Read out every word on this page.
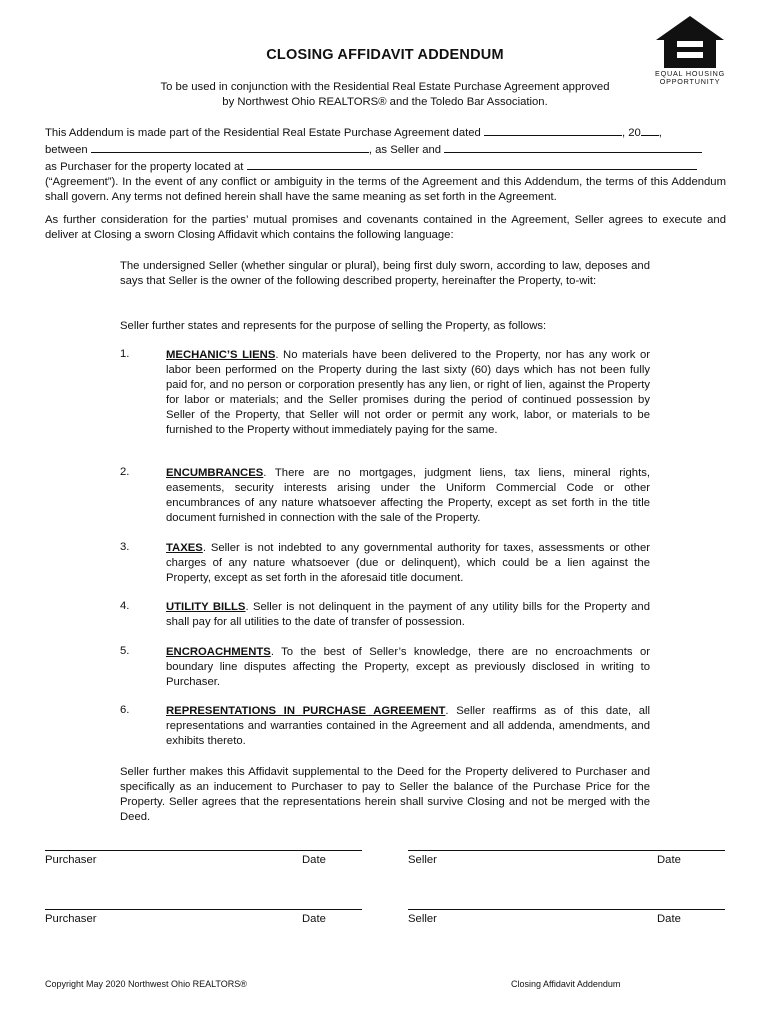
CLOSING AFFIDAVIT ADDENDUM
EQUAL HOUSING
OPPORTUNITY
To be used in conjunction with the Residential Real Estate Purchase Agreement approved
by Northwest Ohio REALTORS® and the Toledo Bar Association.
This Addendum is made part of the Residential Real Estate Purchase Agreement dated	, 20 ,
between	, as Seller and
as Purchaser for the property located at
(“Agreement”). In the event of any conflict or ambiguity in the terms of the Agreement and this Addendum, the terms of this Addendum shall govern. Any terms not defined herein shall have the same meaning as set forth in the Agreement.
As further consideration for the parties’ mutual promises and covenants contained in the Agreement, Seller agrees to execute and deliver at Closing a sworn Closing Affidavit which contains the following language:
The undersigned Seller (whether singular or plural), being first duly sworn, according to law, deposes and says that Seller is the owner of the following described property, hereinafter the Property, to-wit:
Seller further states and represents for the purpose of selling the Property, as follows:
1.	MECHANIC’S LIENS. No materials have been delivered to the Property, nor has any work or labor been performed on the Property during the last sixty (60) days which has not been fully paid for, and no person or corporation presently has any lien, or right of lien, against the Property for labor or materials; and the Seller promises during the period of continued possession by Seller of the Property, that Seller will not order or permit any work, labor, or materials to be furnished to the Property without immediately paying for the same.
2.	ENCUMBRANCES. There are no mortgages, judgment liens, tax liens, mineral rights, easements, security interests arising under the Uniform Commercial Code or other encumbrances of any nature whatsoever affecting the Property, except as set forth in the title document furnished in connection with the sale of the Property.
3.	TAXES. Seller is not indebted to any governmental authority for taxes, assessments or other charges of any nature whatsoever (due or delinquent), which could be a lien against the Property, except as set forth in the aforesaid title document.
4.	UTILITY BILLS. Seller is not delinquent in the payment of any utility bills for the Property and shall pay for all utilities to the date of transfer of possession.
5.	ENCROACHMENTS. To the best of Seller’s knowledge, there are no encroachments or boundary line disputes affecting the Property, except as previously disclosed in writing to Purchaser.
6.	REPRESENTATIONS IN PURCHASE AGREEMENT. Seller reaffirms as of this date, all representations and warranties contained in the Agreement and all addenda, amendments, and exhibits thereto.
Seller further makes this Affidavit supplemental to the Deed for the Property delivered to Purchaser and specifically as an inducement to Purchaser to pay to Seller the balance of the Purchase Price for the Property. Seller agrees that the representations herein shall survive Closing and not be merged with the Deed.
Purchaser	Date	Seller	Date
Purchaser	Date	Seller	Date
Copyright May 2020 Northwest Ohio REALTORS®	Closing Affidavit Addendum
